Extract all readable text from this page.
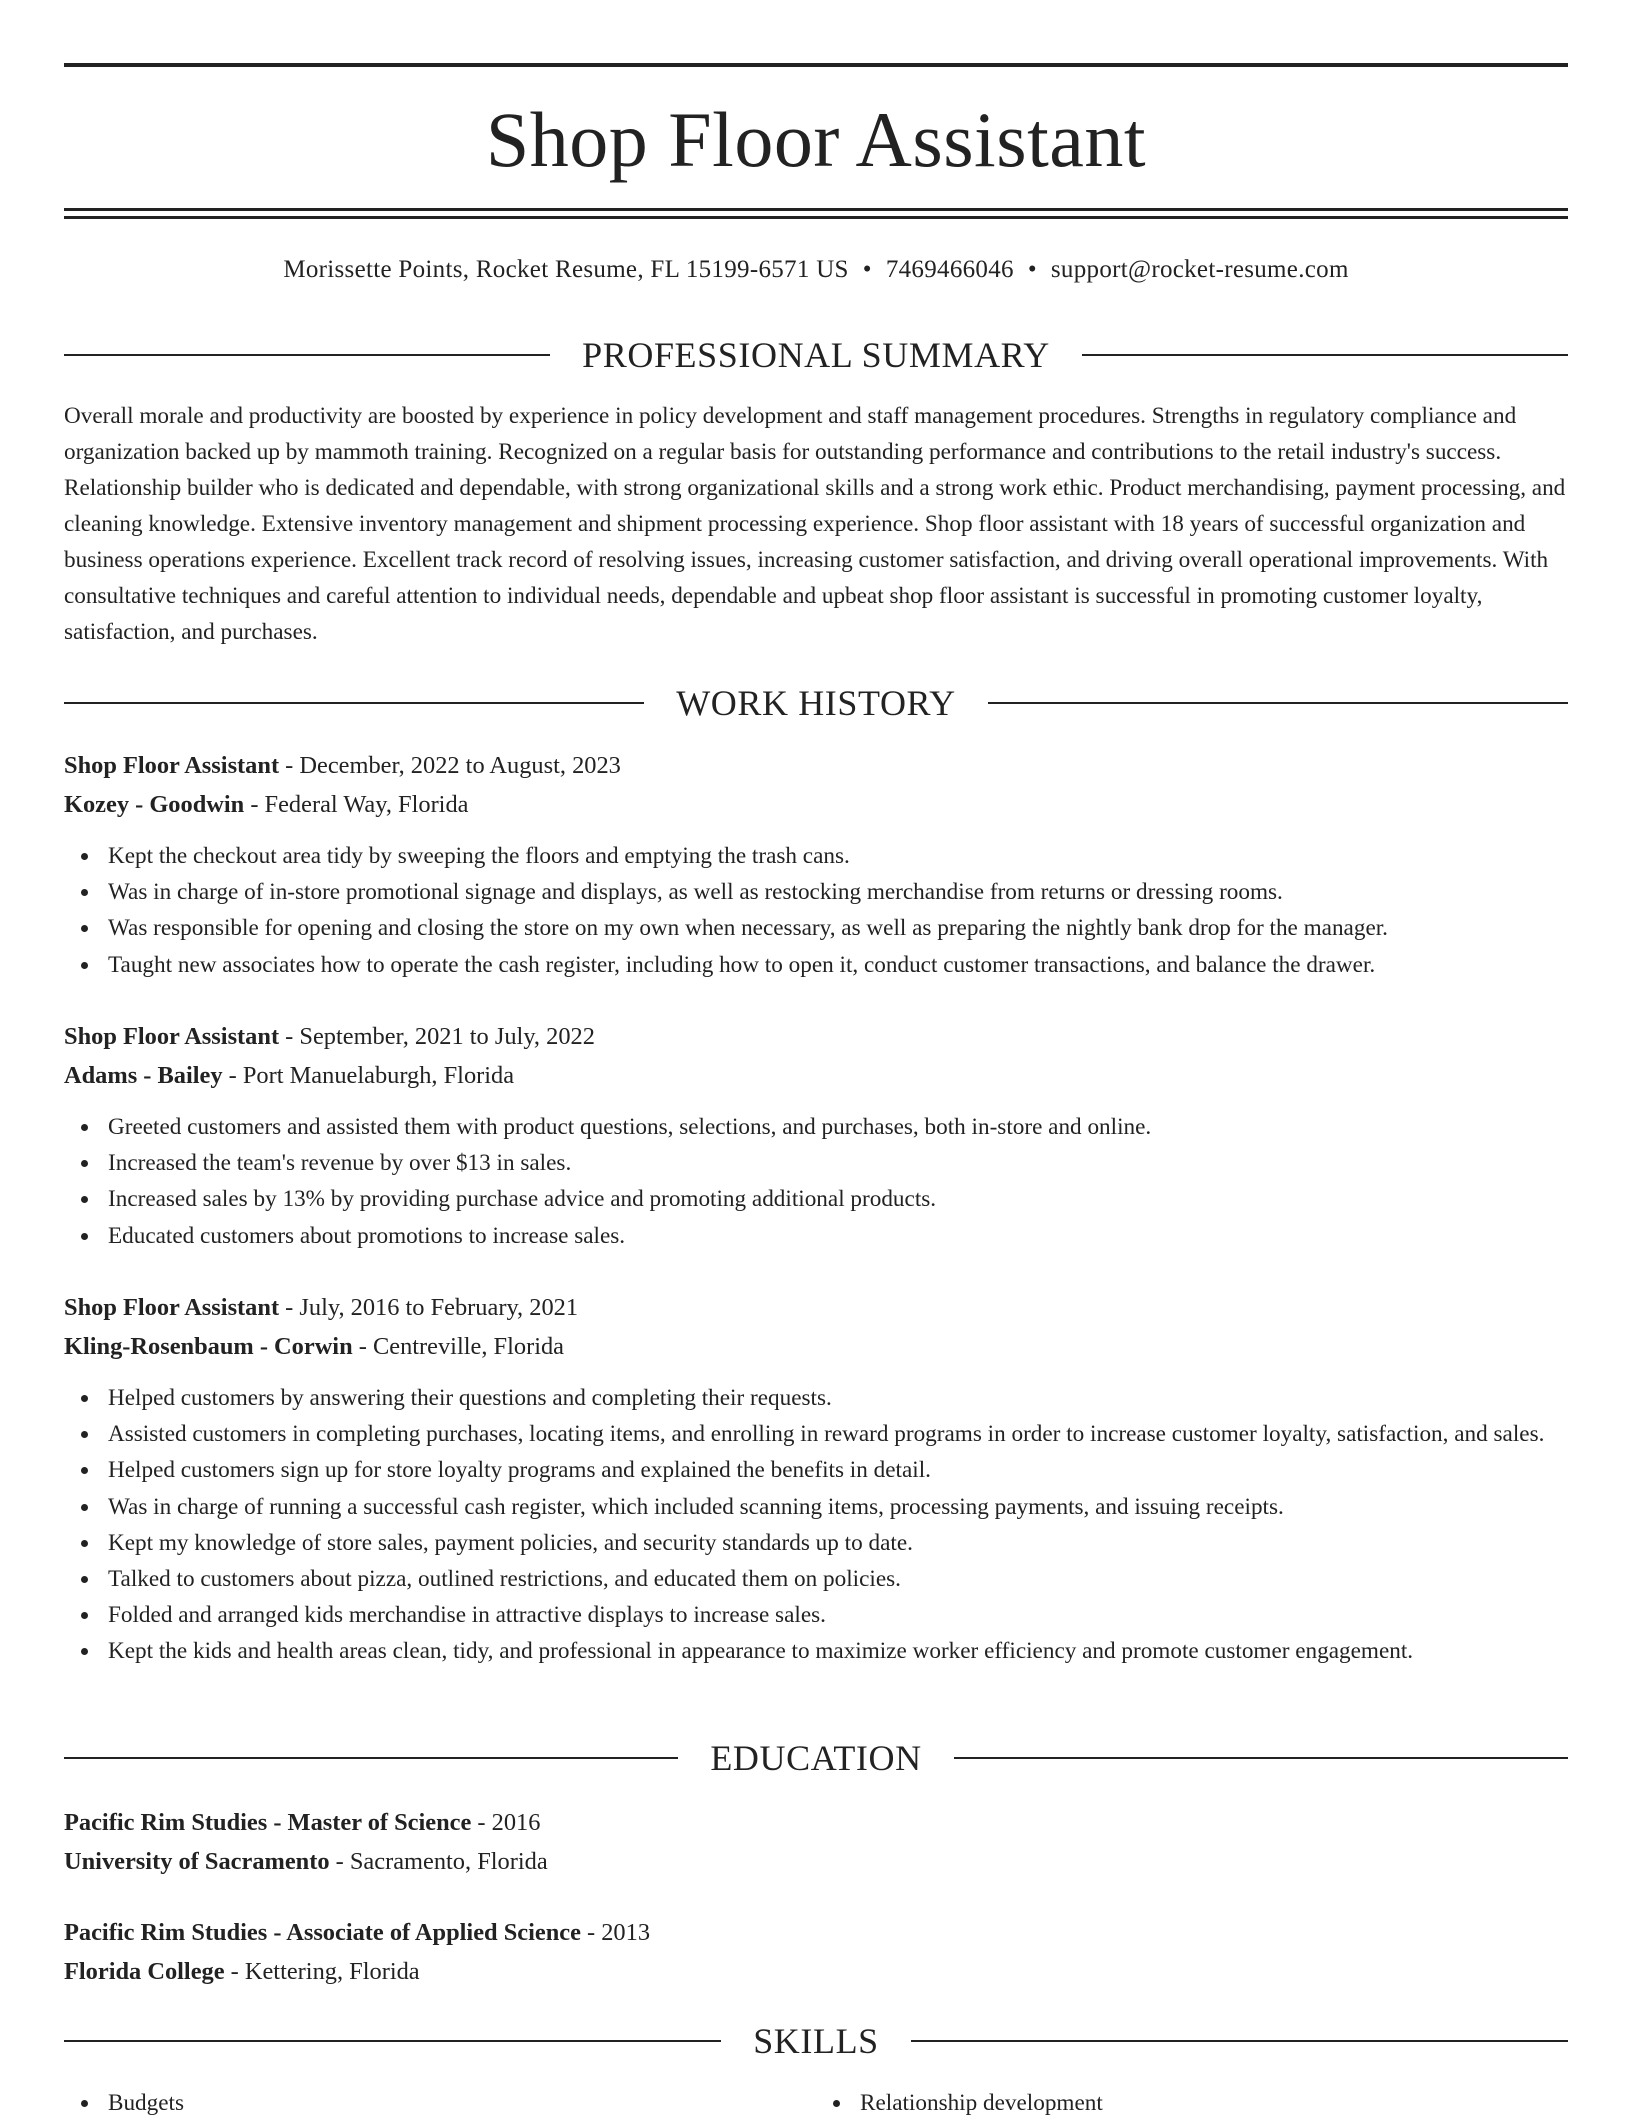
Shop Floor Assistant
Morissette Points, Rocket Resume, FL 15199-6571 US • 7469466046 • support@rocket-resume.com
PROFESSIONAL SUMMARY

Overall morale and productivity are boosted by experience in policy development and staff management procedures. Strengths in regulatory compliance and organization backed up by mammoth training. Recognized on a regular basis for outstanding performance and contributions to the retail industry's success. Relationship builder who is dedicated and dependable, with strong organizational skills and a strong work ethic. Product merchandising, payment processing, and cleaning knowledge. Extensive inventory management and shipment processing experience. Shop floor assistant with 18 years of successful organization and business operations experience. Excellent track record of resolving issues, increasing customer satisfaction, and driving overall operational improvements. With consultative techniques and careful attention to individual needs, dependable and upbeat shop floor assistant is successful in promoting customer loyalty, satisfaction, and purchases.

WORK HISTORY
Shop Floor Assistant - December, 2022 to August, 2023
Kozey - Goodwin - Federal Way, Florida
Kept the checkout area tidy by sweeping the floors and emptying the trash cans.
Was in charge of in-store promotional signage and displays, as well as restocking merchandise from returns or dressing rooms.
Was responsible for opening and closing the store on my own when necessary, as well as preparing the nightly bank drop for the manager.
Taught new associates how to operate the cash register, including how to open it, conduct customer transactions, and balance the drawer.
Shop Floor Assistant - September, 2021 to July, 2022
Adams - Bailey - Port Manuelaburgh, Florida
Greeted customers and assisted them with product questions, selections, and purchases, both in-store and online.
Increased the team's revenue by over $13 in sales.
Increased sales by 13% by providing purchase advice and promoting additional products.
Educated customers about promotions to increase sales.
Shop Floor Assistant - July, 2016 to February, 2021
Kling-Rosenbaum - Corwin - Centreville, Florida
Helped customers by answering their questions and completing their requests.
Assisted customers in completing purchases, locating items, and enrolling in reward programs in order to increase customer loyalty, satisfaction, and sales.
Helped customers sign up for store loyalty programs and explained the benefits in detail.
Was in charge of running a successful cash register, which included scanning items, processing payments, and issuing receipts.
Kept my knowledge of store sales, payment policies, and security standards up to date.
Talked to customers about pizza, outlined restrictions, and educated them on policies.
Folded and arranged kids merchandise in attractive displays to increase sales.
Kept the kids and health areas clean, tidy, and professional in appearance to maximize worker efficiency and promote customer engagement.
EDUCATION
Pacific Rim Studies - Master of Science - 2016
University of Sacramento - Sacramento, Florida
Pacific Rim Studies - Associate of Applied Science - 2013
Florida College - Kettering, Florida
SKILLS
Budgets	Relationship development
